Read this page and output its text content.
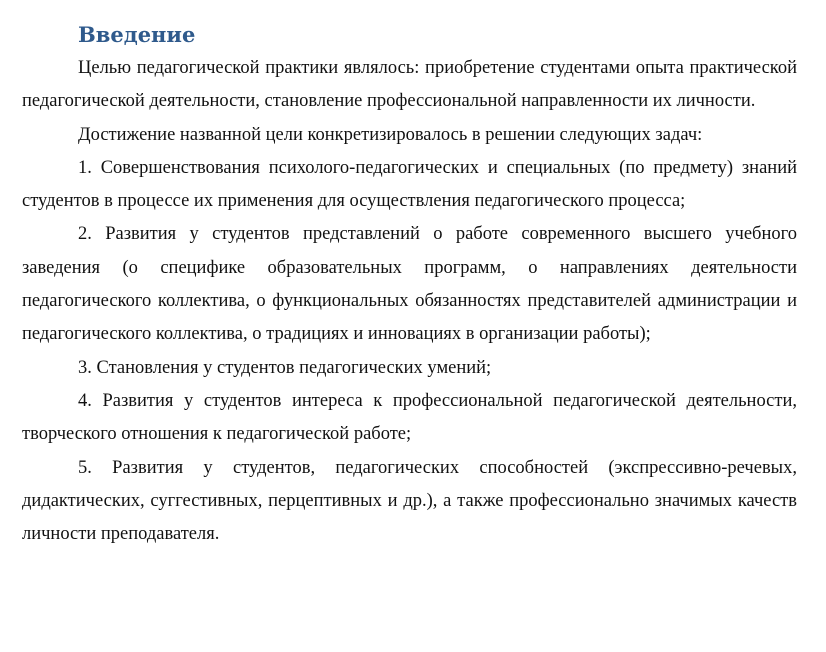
Введение

Целью педагогической практики являлось: приобретение студентами опыта практической педагогической деятельности, становление профессиональной направленности их личности.

Достижение названной цели конкретизировалось в решении следующих задач:

1. Совершенствования психолого-педагогических и специальных (по предмету) знаний студентов в процессе их применения для осуществления педагогического процесса;

2. Развития у студентов представлений о работе современного высшего учебного заведения (о специфике образовательных программ, о направлениях деятельности педагогического коллектива, о функциональных обязанностях представителей администрации и педагогического коллектива, о традициях и инновациях в организации работы);

3. Становления у студентов педагогических умений;

4. Развития у студентов интереса к профессиональной педагогической деятельности, творческого отношения к педагогической работе;

5. Развития у студентов, педагогических способностей (экспрессивно-речевых, дидактических, суггестивных, перцептивных и др.), а также профессионально значимых качеств личности преподавателя.
